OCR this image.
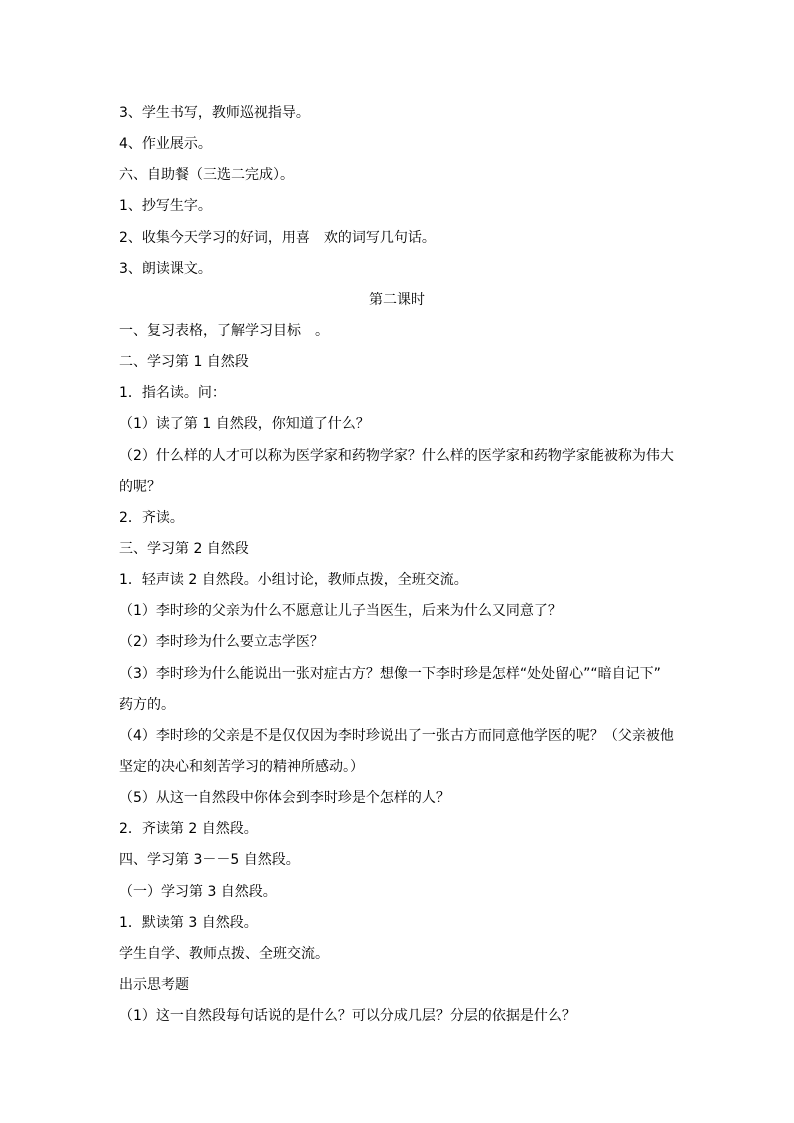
3、学生书写，教师巡视指导。
4、作业展示。
六、自助餐（三选二完成）。
1、抄写生字。
2、收集今天学习的好词，用喜　欢的词写几句话。
3、朗读课文。
第二课时
一、复习表格，了解学习目标　。
二、学习第 1 自然段
1．指名读。问：
（1）读了第 1 自然段，你知道了什么？
（2）什么样的人才可以称为医学家和药物学家？什么样的医学家和药物学家能被称为伟大
的呢？
2．齐读。
三、学习第 2 自然段
1．轻声读 2 自然段。小组讨论，教师点拨，全班交流。
（1）李时珍的父亲为什么不愿意让儿子当医生，后来为什么又同意了？
（2）李时珍为什么要立志学医？
（3）李时珍为什么能说出一张对症古方？想像一下李时珍是怎样“处处留心”“暗自记下”
药方的。
（4）李时珍的父亲是不是仅仅因为李时珍说出了一张古方而同意他学医的呢？（父亲被他
坚定的决心和刻苦学习的精神所感动。）
（5）从这一自然段中你体会到李时珍是个怎样的人？
2．齐读第 2 自然段。
四、学习第 3－－5 自然段。
（一）学习第 3 自然段。
1．默读第 3 自然段。
学生自学、教师点拨、全班交流。
出示思考题
（1）这一自然段每句话说的是什么？可以分成几层？分层的依据是什么？
